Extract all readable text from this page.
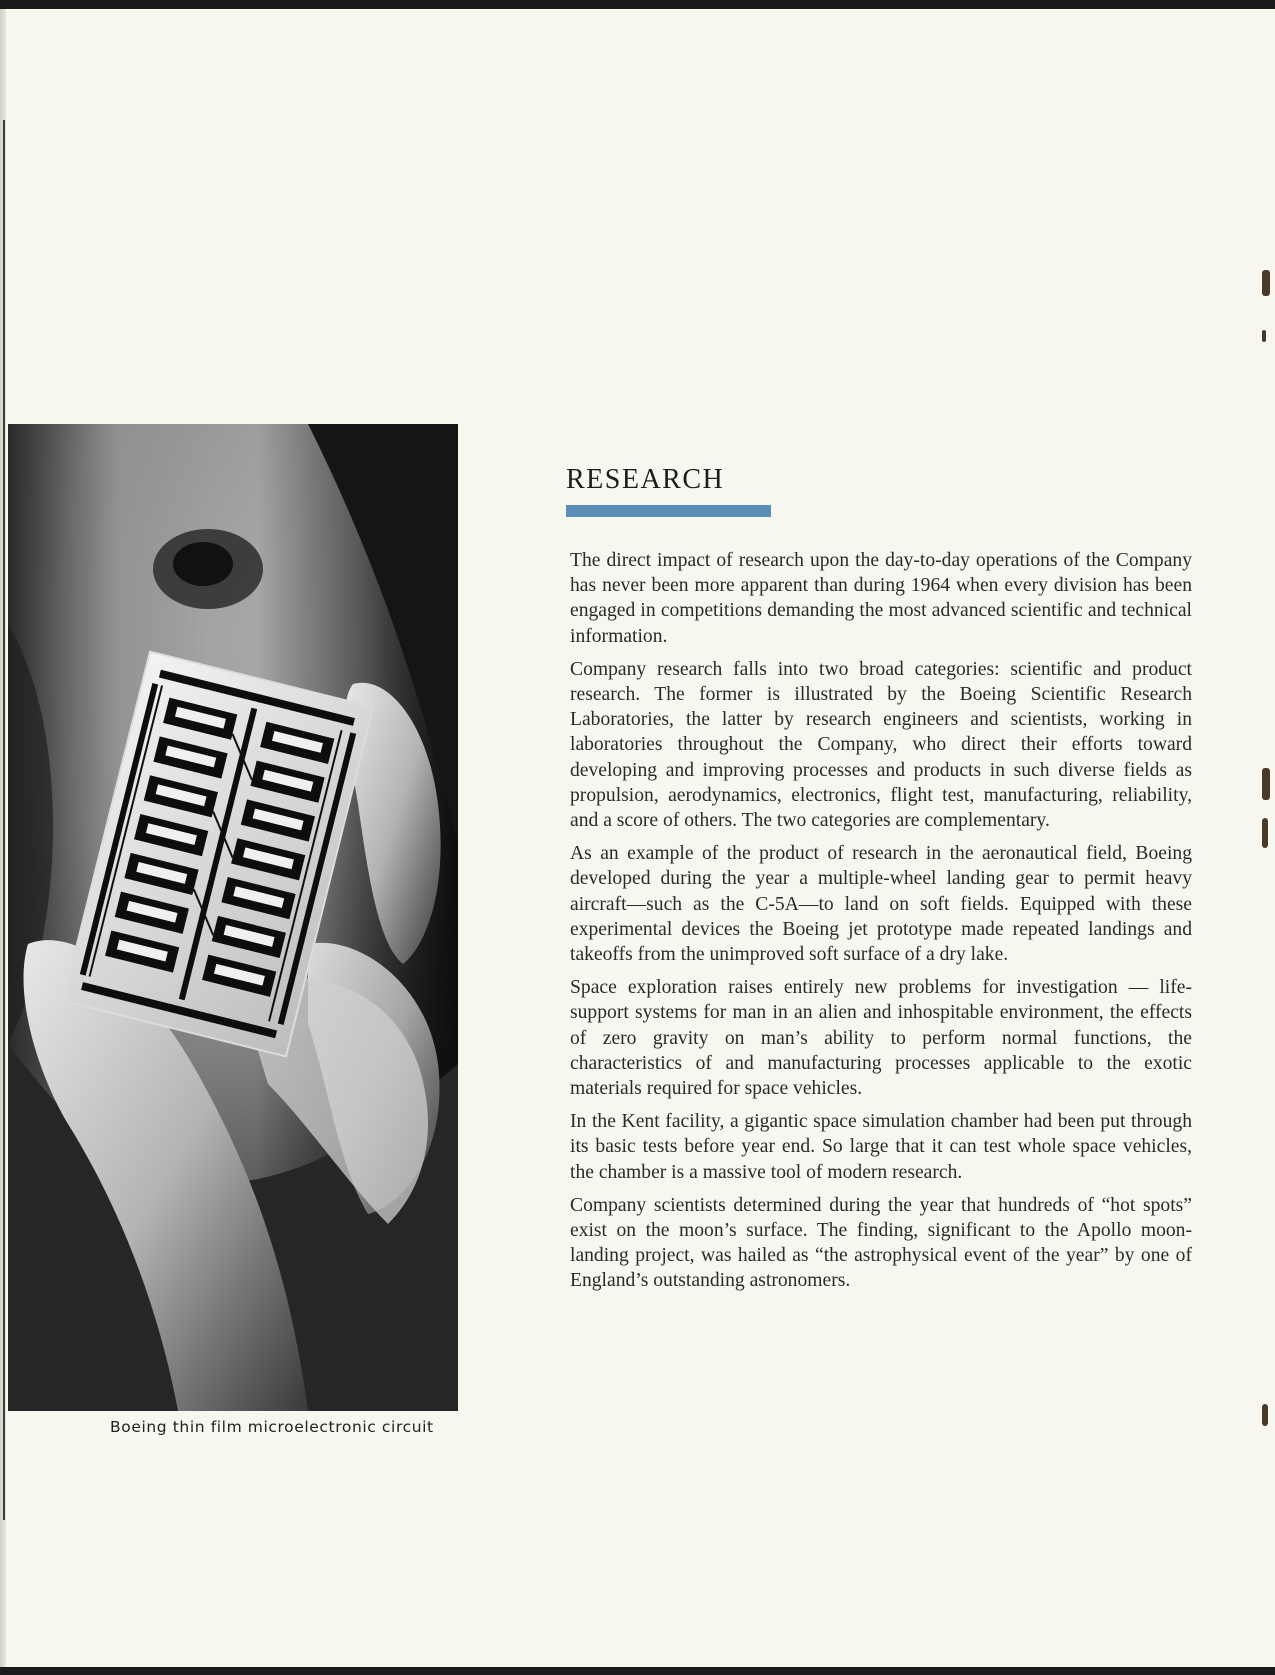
Boeing thin film microelectronic circuit
RESEARCH

The direct impact of research upon the day-to-day operations of the Company has never been more apparent than during 1964 when every division has been engaged in competitions demanding the most advanced scientific and technical information.

Company research falls into two broad categories: scientific and product research. The former is illustrated by the Boeing Scientific Research Laboratories, the latter by research engineers and scientists, working in laboratories throughout the Company, who direct their efforts toward developing and improving processes and products in such diverse fields as propulsion, aerodynamics, electronics, flight test, manufacturing, reliability, and a score of others. The two categories are complementary.

As an example of the product of research in the aeronautical field, Boeing developed during the year a multiple-wheel landing gear to permit heavy aircraft—such as the C-5A—to land on soft fields. Equipped with these experimental devices the Boeing jet prototype made repeated landings and takeoffs from the unimproved soft surface of a dry lake.

Space exploration raises entirely new problems for investigation — life-support systems for man in an alien and inhospitable environment, the effects of zero gravity on man’s ability to perform normal functions, the characteristics of and manufacturing processes applicable to the exotic materials required for space vehicles.

In the Kent facility, a gigantic space simulation chamber had been put through its basic tests before year end. So large that it can test whole space vehicles, the chamber is a massive tool of modern research.

Company scientists determined during the year that hundreds of “hot spots” exist on the moon’s surface. The finding, significant to the Apollo moon-landing project, was hailed as “the astrophysical event of the year” by one of England’s outstanding astronomers.
